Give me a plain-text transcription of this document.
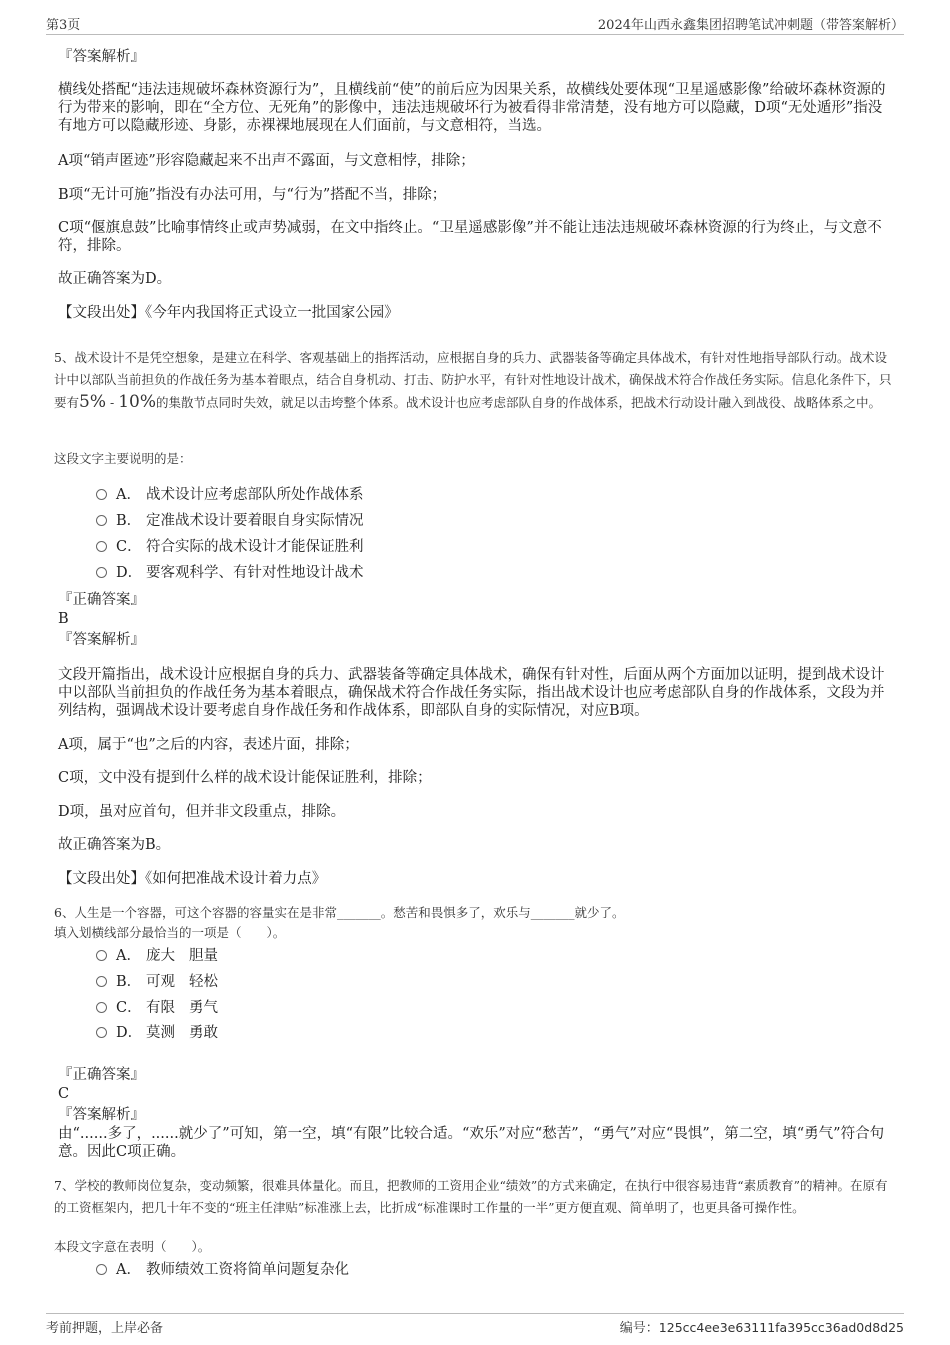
第3页	2024年山西永鑫集团招聘笔试冲刺题（带答案解析）
『答案解析』
横线处搭配“违法违规破坏森林资源行为”，且横线前“使”的前后应为因果关系，故横线处要体现“卫星遥感影像”给破坏森林资源的行为带来的影响，即在“全方位、无死角”的影像中，违法违规破坏行为被看得非常清楚，没有地方可以隐藏，D项“无处遁形”指没有地方可以隐藏形迹、身影，赤裸裸地展现在人们面前，与文意相符，当选。
A项“销声匿迹”形容隐藏起来不出声不露面，与文意相悖，排除；
B项“无计可施”指没有办法可用，与“行为”搭配不当，排除；
C项“偃旗息鼓”比喻事情终止或声势减弱，在文中指终止。“卫星遥感影像”并不能让违法违规破坏森林资源的行为终止，与文意不符，排除。
故正确答案为D。
【文段出处】《今年内我国将正式设立一批国家公园》
5、战术设计不是凭空想象，是建立在科学、客观基础上的指挥活动，应根据自身的兵力、武器装备等确定具体战术，有针对性地指导部队行动。战术设计中以部队当前担负的作战任务为基本着眼点，结合自身机动、打击、防护水平，有针对性地设计战术，确保战术符合作战任务实际。信息化条件下，只要有5% - 10%的集散节点同时失效，就足以击垮整个体系。战术设计也应考虑部队自身的作战体系，把战术行动设计融入到战役、战略体系之中。
这段文字主要说明的是：
A． 战术设计应考虑部队所处作战体系
B． 定准战术设计要着眼自身实际情况
C． 符合实际的战术设计才能保证胜利
D． 要客观科学、有针对性地设计战术
『正确答案』
B
『答案解析』
文段开篇指出，战术设计应根据自身的兵力、武器装备等确定具体战术，确保有针对性，后面从两个方面加以证明，提到战术设计中以部队当前担负的作战任务为基本着眼点，确保战术符合作战任务实际，指出战术设计也应考虑部队自身的作战体系，文段为并列结构，强调战术设计要考虑自身作战任务和作战体系，即部队自身的实际情况，对应B项。
A项，属于“也”之后的内容，表述片面，排除；
C项，文中没有提到什么样的战术设计能保证胜利，排除；
D项，虽对应首句，但并非文段重点，排除。
故正确答案为B。
【文段出处】《如何把准战术设计着力点》
6、人生是一个容器，可这个容器的容量实在是非常_______。愁苦和畏惧多了，欢乐与_______就少了。
填入划横线部分最恰当的一项是（　　）。
A． 庞大 胆量
B． 可观 轻松
C． 有限 勇气
D． 莫测 勇敢
『正确答案』
C
『答案解析』
由“......多了，......就少了”可知，第一空，填“有限”比较合适。“欢乐”对应“愁苦”，“勇气”对应“畏惧”，第二空，填“勇气”符合句意。因此C项正确。
7、学校的教师岗位复杂，变动频繁，很难具体量化。而且，把教师的工资用企业“绩效”的方式来确定，在执行中很容易违背“素质教育”的精神。在原有的工资框架内，把几十年不变的“班主任津贴”标准涨上去，比折成“标准课时工作量的一半”更方便直观、简单明了，也更具备可操作性。
本段文字意在表明（　　）。
A． 教师绩效工资将简单问题复杂化
考前押题，上岸必备	编号：125cc4ee3e63111fa395cc36ad0d8d25
